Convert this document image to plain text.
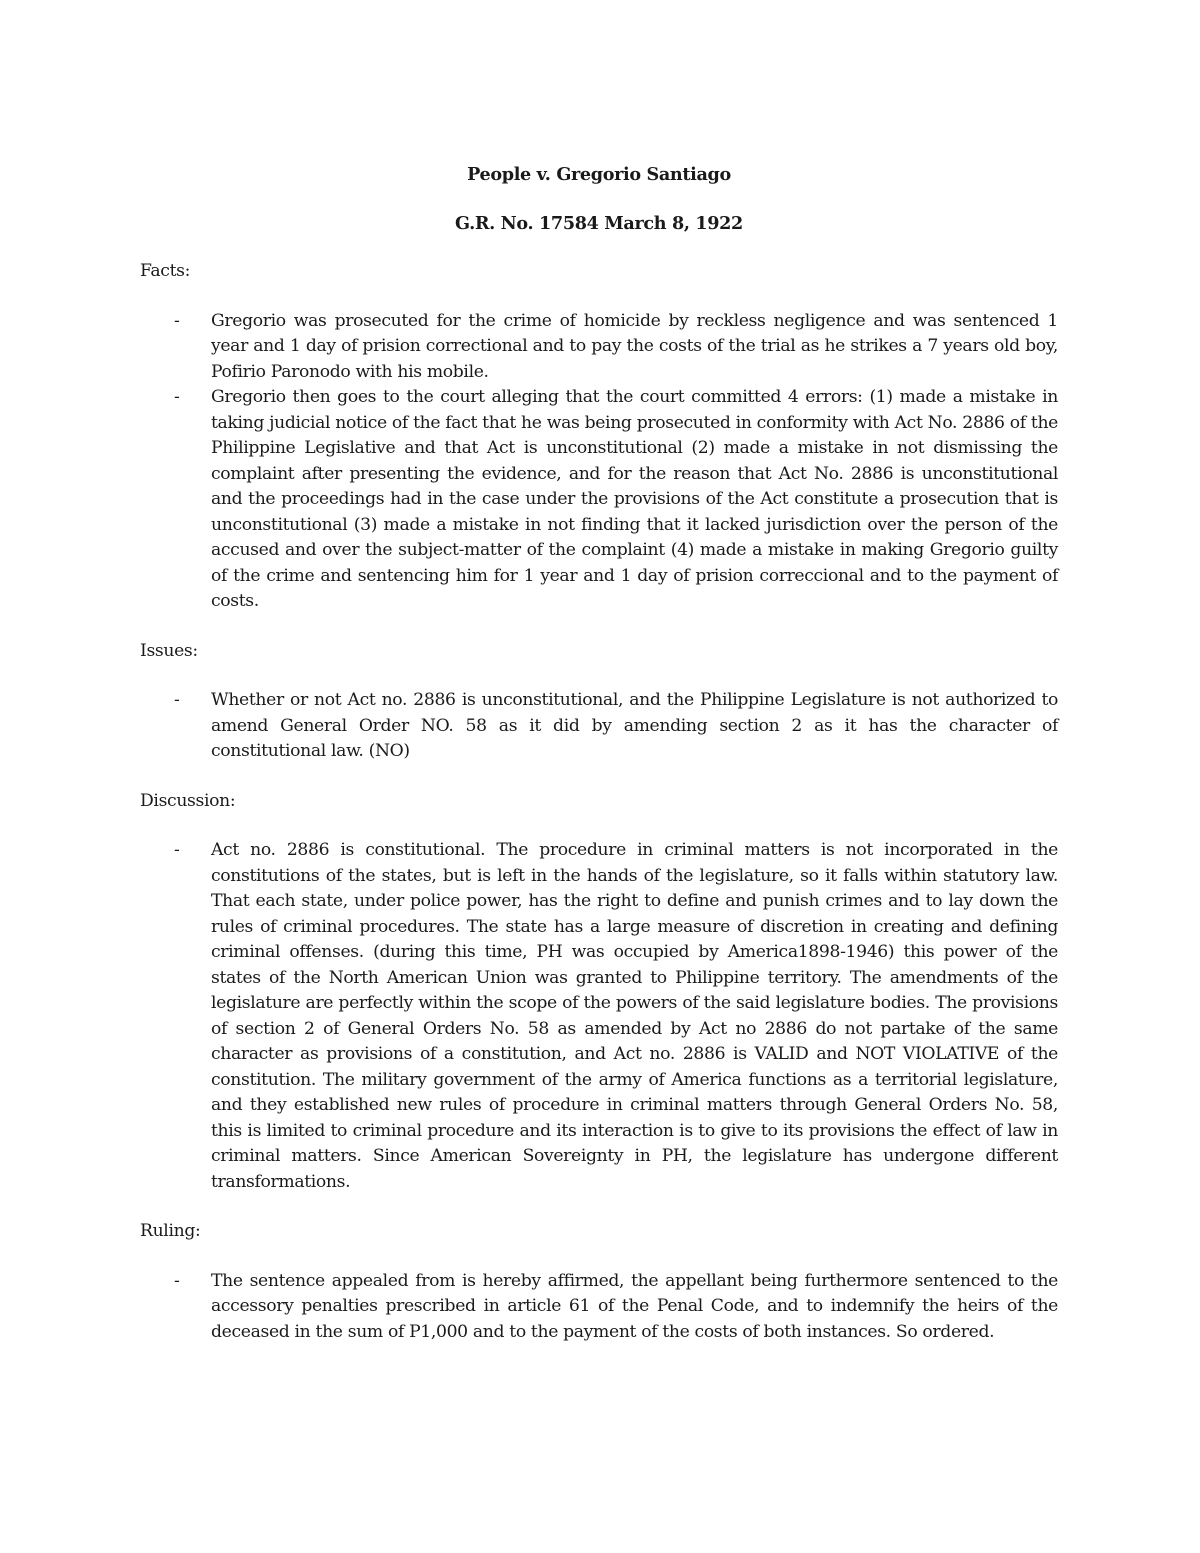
People v. Gregorio Santiago

G.R. No. 17584 March 8, 1922

Facts:

- Gregorio was prosecuted for the crime of homicide by reckless negligence and was sentenced 1 year and 1 day of prision correctional and to pay the costs of the trial as he strikes a 7 years old boy, Pofirio Paronodo with his mobile.
- Gregorio then goes to the court alleging that the court committed 4 errors: (1) made a mistake in taking judicial notice of the fact that he was being prosecuted in conformity with Act No. 2886 of the Philippine Legislative and that Act is unconstitutional (2) made a mistake in not dismissing the complaint after presenting the evidence, and for the reason that Act No. 2886 is unconstitutional and the proceedings had in the case under the provisions of the Act constitute a prosecution that is unconstitutional (3) made a mistake in not finding that it lacked jurisdiction over the person of the accused and over the subject-matter of the complaint (4) made a mistake in making Gregorio guilty of the crime and sentencing him for 1 year and 1 day of prision correccional and to the payment of costs.

Issues:

- Whether or not Act no. 2886 is unconstitutional, and the Philippine Legislature is not authorized to amend General Order NO. 58 as it did by amending section 2 as it has the character of constitutional law. (NO)

Discussion:

- Act no. 2886 is constitutional. The procedure in criminal matters is not incorporated in the constitutions of the states, but is left in the hands of the legislature, so it falls within statutory law. That each state, under police power, has the right to define and punish crimes and to lay down the rules of criminal procedures. The state has a large measure of discretion in creating and defining criminal offenses. (during this time, PH was occupied by America1898-1946) this power of the states of the North American Union was granted to Philippine territory. The amendments of the legislature are perfectly within the scope of the powers of the said legislature bodies. The provisions of section 2 of General Orders No. 58 as amended by Act no 2886 do not partake of the same character as provisions of a constitution, and Act no. 2886 is VALID and NOT VIOLATIVE of the constitution. The military government of the army of America functions as a territorial legislature, and they established new rules of procedure in criminal matters through General Orders No. 58, this is limited to criminal procedure and its interaction is to give to its provisions the effect of law in criminal matters. Since American Sovereignty in PH, the legislature has undergone different transformations.

Ruling:

- The sentence appealed from is hereby affirmed, the appellant being furthermore sentenced to the accessory penalties prescribed in article 61 of the Penal Code, and to indemnify the heirs of the deceased in the sum of P1,000 and to the payment of the costs of both instances. So ordered.
